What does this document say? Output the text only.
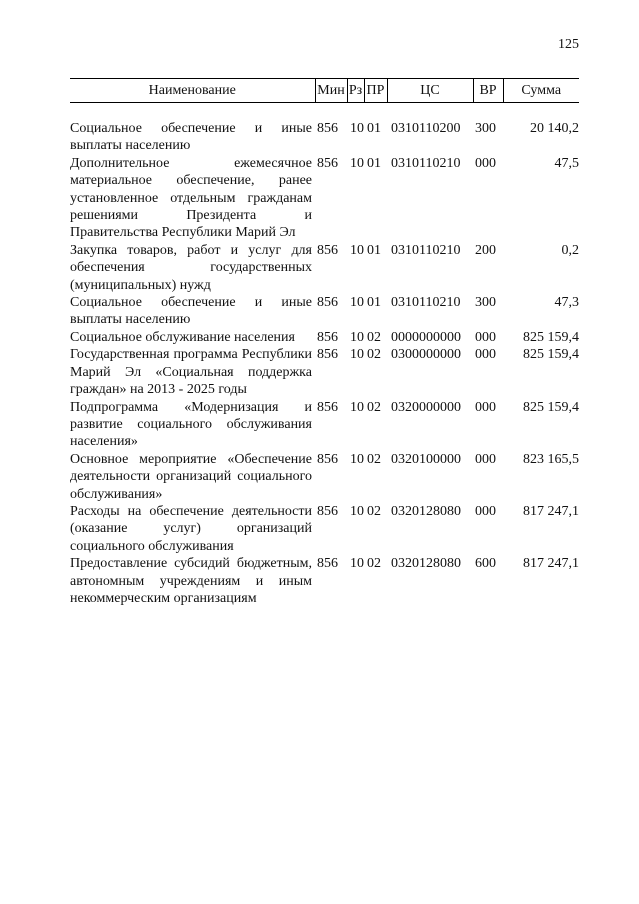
125
Наименование	Мин	Рз	ПР	ЦС	ВР	Сумма

Социальное обеспечение и иные выплаты населению	856	10	01	0310110200	300	20 140,2
Дополнительное ежемесячное материальное обеспечение, ранее установленное отдельным гражданам решениями Президента и Правительства Республики Марий Эл	856	10	01	0310110210	000	47,5
Закупка товаров, работ и услуг для обеспечения государственных (муниципальных) нужд	856	10	01	0310110210	200	0,2
Социальное обеспечение и иные выплаты населению	856	10	01	0310110210	300	47,3
Социальное обслуживание населения	856	10	02	0000000000	000	825 159,4
Государственная программа Республики Марий Эл «Социальная поддержка граждан» на 2013 - 2025 годы	856	10	02	0300000000	000	825 159,4
Подпрограмма «Модернизация и развитие социального обслуживания населения»	856	10	02	0320000000	000	825 159,4
Основное мероприятие «Обеспечение деятельности организаций социального обслуживания»	856	10	02	0320100000	000	823 165,5
Расходы на обеспечение деятельности (оказание услуг) организаций социального обслуживания	856	10	02	0320128080	000	817 247,1
Предоставление субсидий бюджетным, автономным учреждениям и иным некоммерческим организациям	856	10	02	0320128080	600	817 247,1
